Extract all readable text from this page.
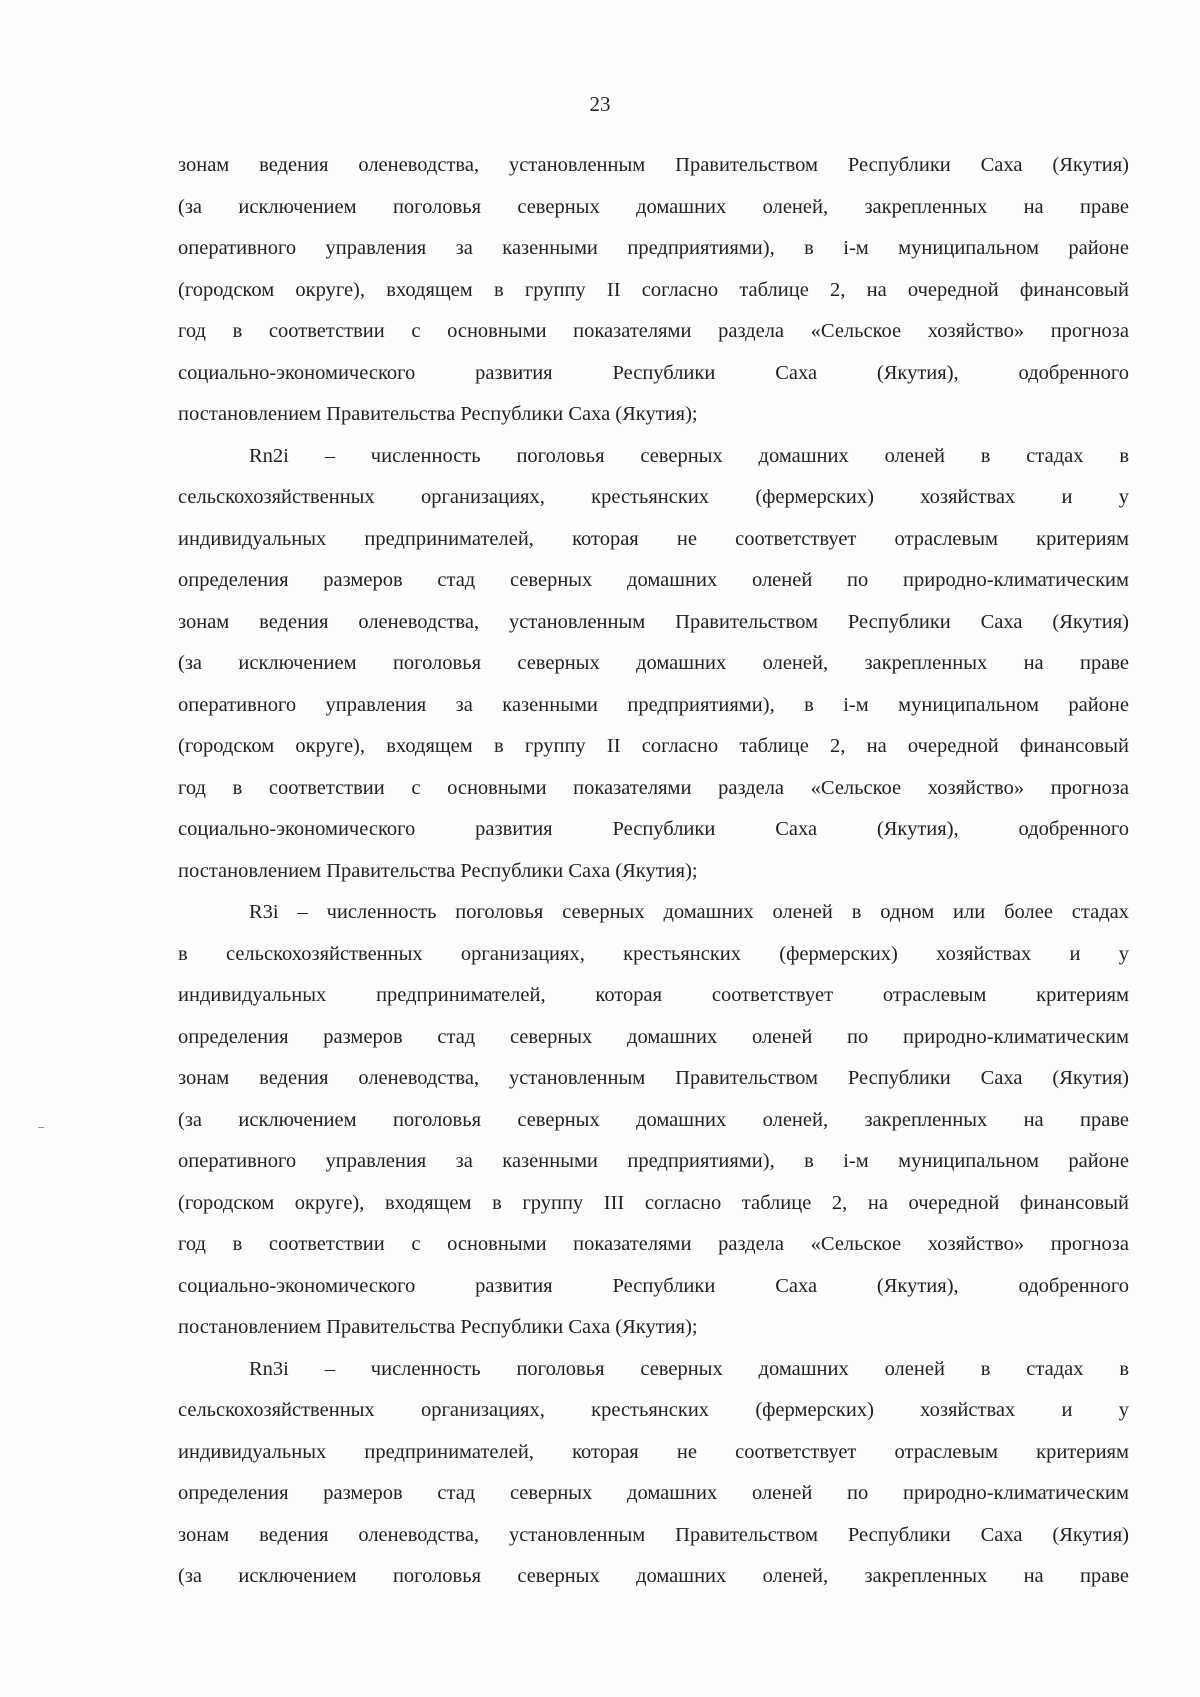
23
зонам ведения оленеводства, установленным Правительством Республики Саха (Якутия)
(за исключением поголовья северных домашних оленей, закрепленных на праве
оперативного управления за казенными предприятиями), в i-м муниципальном районе
(городском округе), входящем в группу II согласно таблице 2, на очередной финансовый
год в соответствии с основными показателями раздела «Сельское хозяйство» прогноза
социально-экономического развития Республики Саха (Якутия), одобренного
постановлением Правительства Республики Саха (Якутия);
Rn2i – численность поголовья северных домашних оленей в стадах в
сельскохозяйственных организациях, крестьянских (фермерских) хозяйствах и у
индивидуальных предпринимателей, которая не соответствует отраслевым критериям
определения размеров стад северных домашних оленей по природно-климатическим
зонам ведения оленеводства, установленным Правительством Республики Саха (Якутия)
(за исключением поголовья северных домашних оленей, закрепленных на праве
оперативного управления за казенными предприятиями), в i-м муниципальном районе
(городском округе), входящем в группу II согласно таблице 2, на очередной финансовый
год в соответствии с основными показателями раздела «Сельское хозяйство» прогноза
социально-экономического развития Республики Саха (Якутия), одобренного
постановлением Правительства Республики Саха (Якутия);
R3i – численность поголовья северных домашних оленей в одном или более стадах
в сельскохозяйственных организациях, крестьянских (фермерских) хозяйствах и у
индивидуальных предпринимателей, которая соответствует отраслевым критериям
определения размеров стад северных домашних оленей по природно-климатическим
зонам ведения оленеводства, установленным Правительством Республики Саха (Якутия)
(за исключением поголовья северных домашних оленей, закрепленных на праве
оперативного управления за казенными предприятиями), в i-м муниципальном районе
(городском округе), входящем в группу III согласно таблице 2, на очередной финансовый
год в соответствии с основными показателями раздела «Сельское хозяйство» прогноза
социально-экономического развития Республики Саха (Якутия), одобренного
постановлением Правительства Республики Саха (Якутия);
Rn3i – численность поголовья северных домашних оленей в стадах в
сельскохозяйственных организациях, крестьянских (фермерских) хозяйствах и у
индивидуальных предпринимателей, которая не соответствует отраслевым критериям
определения размеров стад северных домашних оленей по природно-климатическим
зонам ведения оленеводства, установленным Правительством Республики Саха (Якутия)
(за исключением поголовья северных домашних оленей, закрепленных на праве
